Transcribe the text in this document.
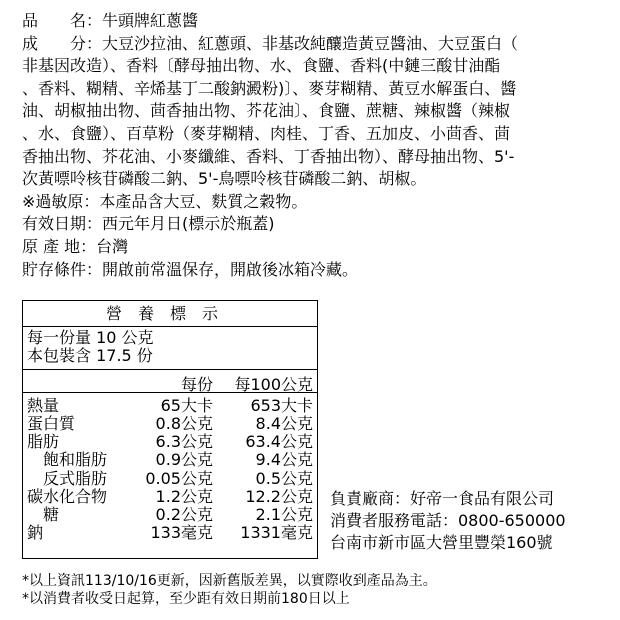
品　　名：牛頭牌紅蔥醬
成　　分：大豆沙拉油、紅蔥頭、非基改純釀造黃豆醬油、大豆蛋白（
非基因改造）、香料〔酵母抽出物、水、食鹽、香料(中鏈三酸甘油酯
、香料、糊精、辛烯基丁二酸鈉澱粉)〕、麥芽糊精、黃豆水解蛋白、醬
油、胡椒抽出物、茴香抽出物、芥花油〕、食鹽、蔗糖、辣椒醬（辣椒
、水、食鹽）、百草粉（麥芽糊精、肉桂、丁香、五加皮、小茴香、茴
香抽出物、芥花油、小麥纖維、香料、丁香抽出物）、酵母抽出物、5'-
次黃嘌呤核苷磷酸二鈉、5'-鳥嘌呤核苷磷酸二鈉、胡椒。
※過敏原：本產品含大豆、麩質之穀物。
有效日期：西元年月日(標示於瓶蓋)
原 產 地：台灣
貯存條件：開啟前常溫保存，開啟後冰箱冷藏。
營養標示
每一份量 10 公克
本包裝含 17.5 份
每份 每100公克
熱量	65大卡 653大卡
蛋白質	0.8公克	8.4公克
脂肪	6.3公克 63.4公克
　飽和脂肪	0.9公克	9.4公克
　反式脂肪 0.05公克	0.5公克
碳水化合物	1.2公克 12.2公克
　糖	0.2公克	2.1公克
鈉	133毫克 1331毫克
負責廠商：好帝一食品有限公司
消費者服務電話：0800-650000
台南市新市區大營里豐榮160號
*以上資訊113/10/16更新，因新舊版差異，以實際收到產品為主。
*以消費者收受日起算，至少距有效日期前180日以上
